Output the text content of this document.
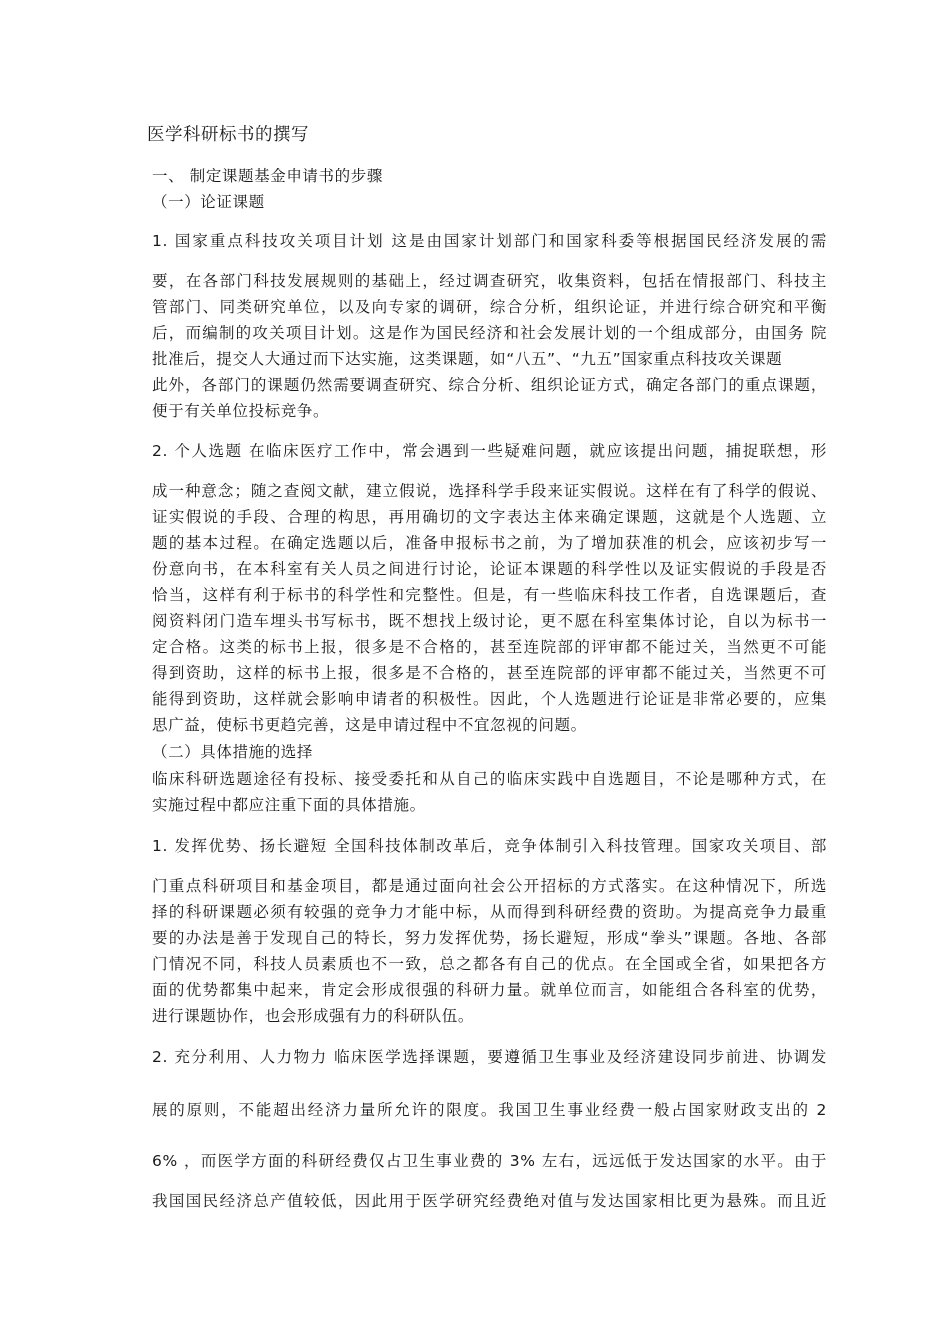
医学科研标书的撰写
一、 制定课题基金申请书的步骤
（一）论证课题
1. 国家重点科技攻关项目计划 这是由国家计划部门和国家科委等根据国民经济发展的需
要，在各部门科技发展规则的基础上，经过调查研究，收集资料，包括在情报部门、科技主
管部门、同类研究单位，以及向专家的调研，综合分析，组织论证，并进行综合研究和平衡
后，而编制的攻关项目计划。这是作为国民经济和社会发展计划的一个组成部分，由国务 院
批准后，提交人大通过而下达实施，这类课题，如“八五”、“九五”国家重点科技攻关课题
此外，各部门的课题仍然需要调查研究、综合分析、组织论证方式，确定各部门的重点课题，
便于有关单位投标竞争。
2. 个人选题 在临床医疗工作中，常会遇到一些疑难问题，就应该提出问题，捕捉联想，形
成一种意念；随之查阅文献，建立假说，选择科学手段来证实假说。这样在有了科学的假说、
证实假说的手段、合理的构思，再用确切的文字表达主体来确定课题，这就是个人选题、立
题的基本过程。在确定选题以后，准备申报标书之前，为了增加获准的机会，应该初步写一
份意向书，在本科室有关人员之间进行讨论，论证本课题的科学性以及证实假说的手段是否
恰当，这样有利于标书的科学性和完整性。但是，有一些临床科技工作者，自选课题后，查
阅资料闭门造车埋头书写标书，既不想找上级讨论，更不愿在科室集体讨论，自以为标书一
定合格。这类的标书上报，很多是不合格的，甚至连院部的评审都不能过关，当然更不可能
得到资助，这样的标书上报，很多是不合格的，甚至连院部的评审都不能过关，当然更不可
能得到资助，这样就会影响申请者的积极性。因此，个人选题进行论证是非常必要的，应集
思广益，使标书更趋完善，这是申请过程中不宜忽视的问题。
（二）具体措施的选择
临床科研选题途径有投标、接受委托和从自己的临床实践中自选题目，不论是哪种方式，在
实施过程中都应注重下面的具体措施。
1. 发挥优势、扬长避短 全国科技体制改革后，竞争体制引入科技管理。国家攻关项目、部
门重点科研项目和基金项目，都是通过面向社会公开招标的方式落实。在这种情况下，所选
择的科研课题必须有较强的竞争力才能中标，从而得到科研经费的资助。为提高竞争力最重
要的办法是善于发现自己的特长，努力发挥优势，扬长避短，形成“拳头”课题。各地、各部
门情况不同，科技人员素质也不一致，总之都各有自己的优点。在全国或全省，如果把各方
面的优势都集中起来，肯定会形成很强的科研力量。就单位而言，如能组合各科室的优势，
进行课题协作，也会形成强有力的科研队伍。
2. 充分利用、人力物力 临床医学选择课题，要遵循卫生事业及经济建设同步前进、协调发
展的原则，不能超出经济力量所允许的限度。我国卫生事业经费一般占国家财政支出的 2
6% ，而医学方面的科研经费仅占卫生事业费的 3% 左右，远远低于发达国家的水平。由于
我国国民经济总产值较低，因此用于医学研究经费绝对值与发达国家相比更为悬殊。而且近
